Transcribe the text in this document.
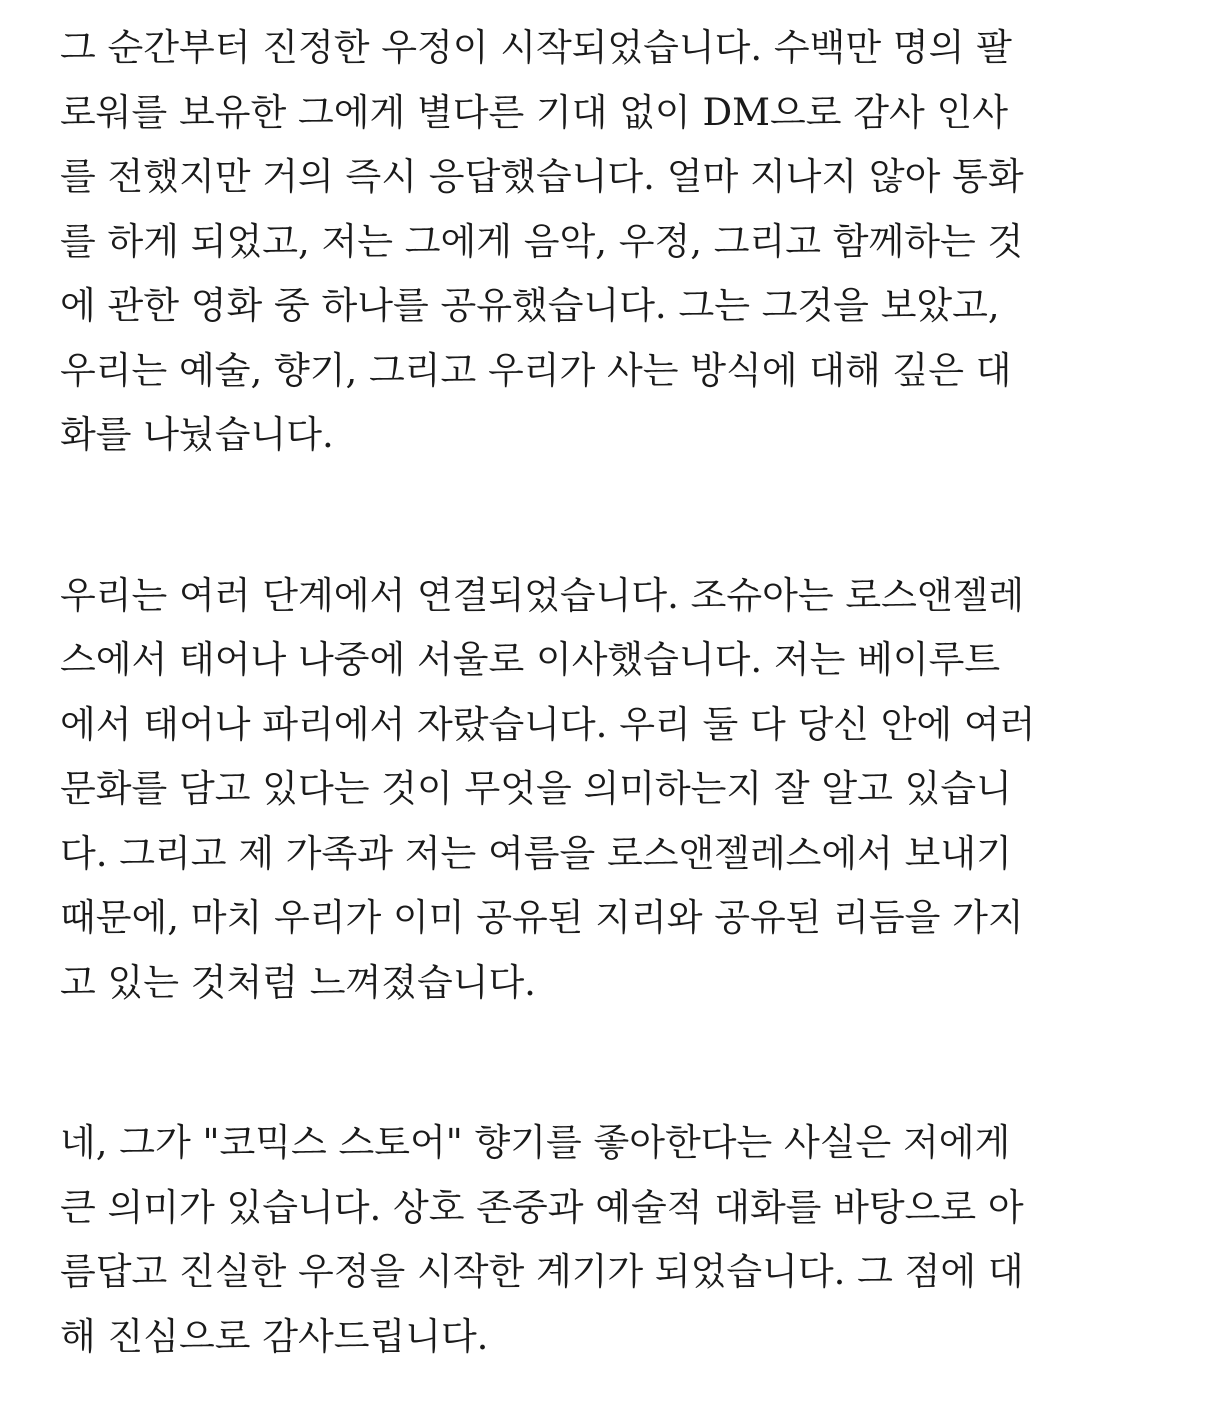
그 순간부터 진정한 우정이 시작되었습니다. 수백만 명의 팔
로워를 보유한 그에게 별다른 기대 없이 DM으로 감사 인사
를 전했지만 거의 즉시 응답했습니다. 얼마 지나지 않아 통화
를 하게 되었고, 저는 그에게 음악, 우정, 그리고 함께하는 것
에 관한 영화 중 하나를 공유했습니다. 그는 그것을 보았고,
우리는 예술, 향기, 그리고 우리가 사는 방식에 대해 깊은 대
화를 나눴습니다.

우리는 여러 단계에서 연결되었습니다. 조슈아는 로스앤젤레
스에서 태어나 나중에 서울로 이사했습니다. 저는 베이루트
에서 태어나 파리에서 자랐습니다. 우리 둘 다 당신 안에 여러
문화를 담고 있다는 것이 무엇을 의미하는지 잘 알고 있습니
다. 그리고 제 가족과 저는 여름을 로스앤젤레스에서 보내기
때문에, 마치 우리가 이미 공유된 지리와 공유된 리듬을 가지
고 있는 것처럼 느껴졌습니다.

네, 그가 "코믹스 스토어" 향기를 좋아한다는 사실은 저에게
큰 의미가 있습니다. 상호 존중과 예술적 대화를 바탕으로 아
름답고 진실한 우정을 시작한 계기가 되었습니다. 그 점에 대
해 진심으로 감사드립니다.
